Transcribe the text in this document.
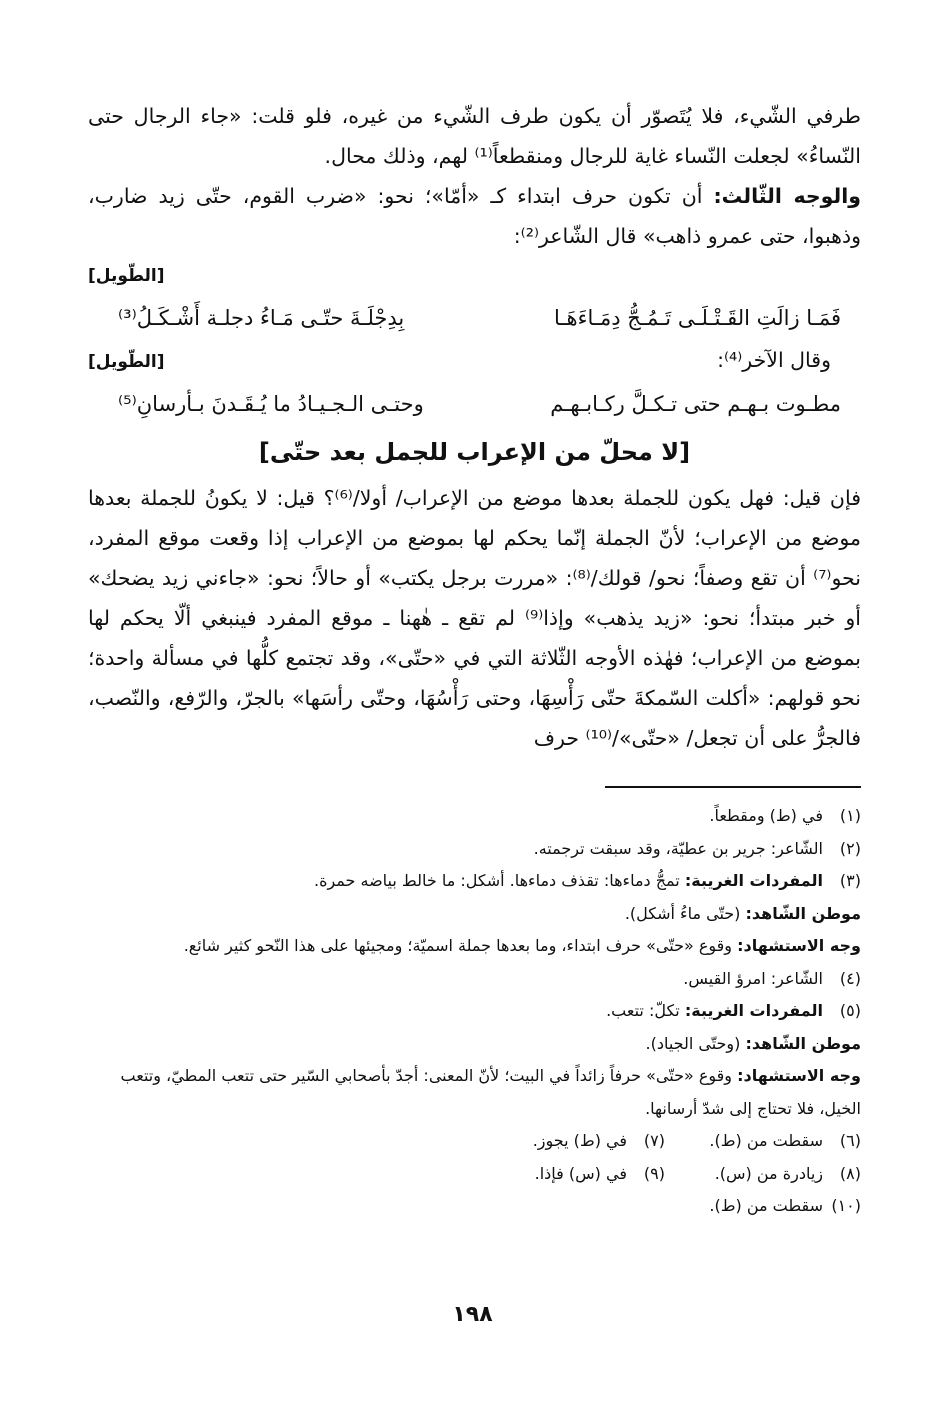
طرفي الشّيء، فلا يُتَصوّر أن يكون طرف الشّيء من غيره، فلو قلت: «جاء الرجال حتى النّساءُ» لجعلت النّساء غاية للرجال ومنقطعاً⁽¹⁾ لهم، وذلك محال.

والوجه الثّالث: أن تكون حرف ابتداء كـ «أمّا»؛ نحو: «ضرب القوم، حتّى زيد ضارب، وذهبوا، حتى عمرو ذاهب» قال الشّاعر⁽²⁾:

[الطّويل]
فَمَـا زالَتِ القَـتْـلَـى تَـمُـجُّ دِمَـاءَهَـا
بِدِجْلَـةَ حتّـى مَـاءُ دجلـة أَشْـكَـلُ⁽³⁾
وقال الآخر⁽⁴⁾:
[الطّويل]
مطـوت بـهـم حتى تـكـلَّ ركـابـهـم
وحتـى الـجـيـادُ ما يُـقَـدنَ بـأرسانِ⁽⁵⁾
[لا محلّ من الإعراب للجمل بعد حتّى]

فإن قيل: فهل يكون للجملة بعدها موضع من الإعراب/ أولا/⁽⁶⁾؟ قيل: لا يكونُ للجملة بعدها موضع من الإعراب؛ لأنّ الجملة إنّما يحكم لها بموضع من الإعراب إذا وقعت موقع المفرد، نحو⁽⁷⁾ أن تقع وصفاً؛ نحو/ قولك/⁽⁸⁾: «مررت برجل يكتب» أو حالاً؛ نحو: «جاءني زيد يضحك» أو خبر مبتدأ؛ نحو: «زيد يذهب» وإذا⁽⁹⁾ لم تقع ـ هٰهنا ـ موقع المفرد فينبغي ألّا يحكم لها بموضع من الإعراب؛ فهٰذه الأوجه الثّلاثة التي في «حتّى»، وقد تجتمع كلُّها في مسألة واحدة؛ نحو قولهم: «أكلت السّمكةَ حتّى رَأْسِهَا، وحتى رَأْسُهَا، وحتّى رأسَها» بالجرّ، والرّفع، والنّصب، فالجرُّ على أن تجعل/ «حتّى»/⁽¹⁰⁾ حرف

(١)
في (ط) ومقطعاً.
(٢)
الشّاعر: جرير بن عطيّة، وقد سبقت ترجمته.
(٣)
المفردات الغريبة: تمجُّ دماءها: تقذف دماءها. أشكل: ما خالط بياضه حمرة.
موطن الشّاهد: (حتّى ماءُ أشكل).
وجه الاستشهاد: وقوع «حتّى» حرف ابتداء، وما بعدها جملة اسميّة؛ ومجيئها على هذا النّحو كثير شائع.
(٤)
الشّاعر: امرؤ القيس.
(٥)
المفردات الغريبة: تكلّ: تتعب.
موطن الشّاهد: (وحتّى الجياد).
وجه الاستشهاد: وقوع «حتّى» حرفاً زائداً في البيت؛ لأنّ المعنى: أجدّ بأصحابي السّير حتى تتعب المطيّ، وتتعب الخيل، فلا تحتاج إلى شدّ أرسانها.
(٦)
سقطت من (ط).
(٧)
في (ط) يجوز.
(٨)
زيادرة من (س).
(٩)
في (س) فإذا.
(١٠)
سقطت من (ط).
١٩٨
